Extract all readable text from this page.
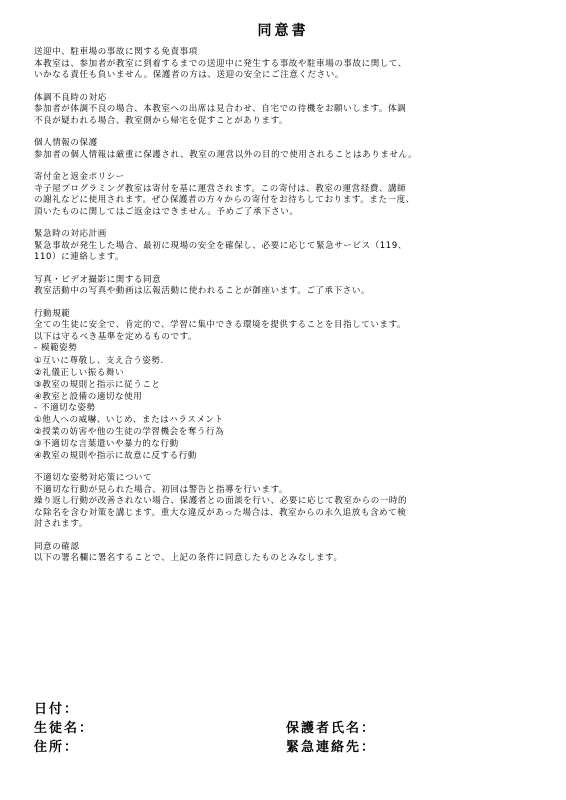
同意書
送迎中、駐車場の事故に関する免責事項
本教室は、参加者が教室に到着するまでの送迎中に発生する事故や駐車場の事故に関して、
いかなる責任も負いません。保護者の方は、送迎の安全にご注意ください。
体調不良時の対応
参加者が体調不良の場合、本教室への出席は見合わせ、自宅での待機をお願いします。体調
不良が疑われる場合、教室側から帰宅を促すことがあります。
個人情報の保護
参加者の個人情報は厳重に保護され、教室の運営以外の目的で使用されることはありません。
寄付金と返金ポリシー
寺子屋プログラミング教室は寄付を基に運営されます。この寄付は、教室の運営経費、講師
の謝礼などに使用されます。ぜひ保護者の方々からの寄付をお待ちしております。また一度、
頂いたものに関してはご返金はできません。予めご了承下さい。
緊急時の対応計画
緊急事故が発生した場合、最初に現場の安全を確保し、必要に応じて緊急サービス（119、
110）に連絡します。
写真・ビデオ撮影に関する同意
教室活動中の写真や動画は広報活動に使われることが御座います。ご了承下さい。
行動規範
全ての生徒に安全で、肯定的で、学習に集中できる環境を提供することを目指しています。
以下は守るべき基準を定めるものです。
- 模範姿勢
①互いに尊敬し、支え合う姿勢.
②礼儀正しい振る舞い
③教室の規則と指示に従うこと
④教室と設備の適切な使用
- 不適切な姿勢
①他人への威嚇、いじめ、またはハラスメント
②授業の妨害や他の生徒の学習機会を奪う行為
③不適切な言葉遣いや暴力的な行動
④教室の規則や指示に故意に反する行動
不適切な姿勢対応策について
不適切な行動が見られた場合、初回は警告と指導を行います。
繰り返し行動が改善されない場合、保護者との面談を行い、必要に応じて教室からの一時的
な除名を含む対策を講じます。重大な違反があった場合は、教室からの永久追放も含めて検
討されます。
同意の確認
以下の署名欄に署名することで、上記の条件に同意したものとみなします。
日付：
生徒名：	保護者氏名：
住所：	緊急連絡先：
